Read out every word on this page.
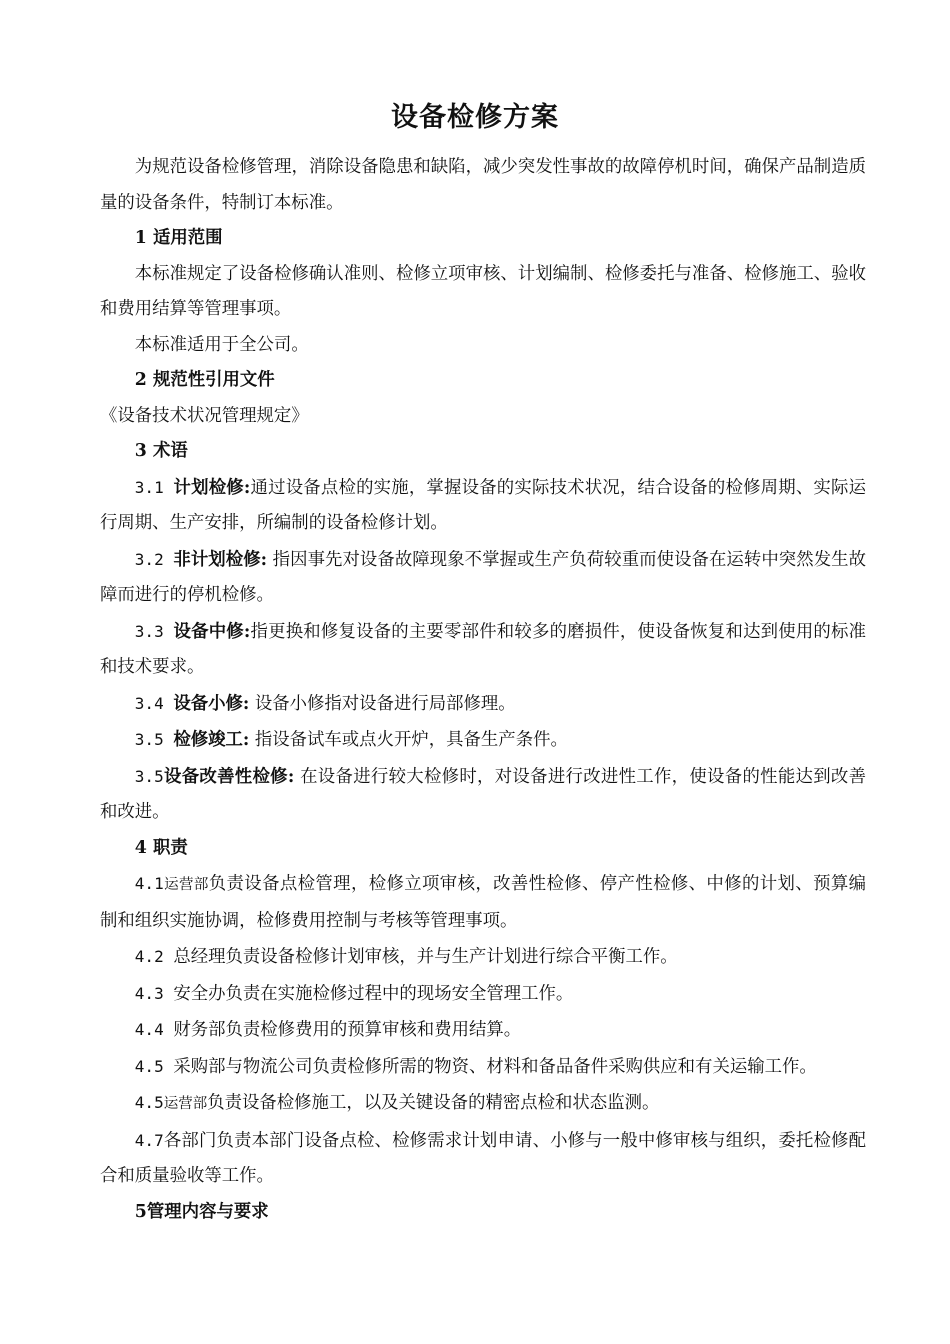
设备检修方案

为规范设备检修管理，消除设备隐患和缺陷，减少突发性事故的故障停机时间，确保产品制造质量的设备条件，特制订本标准。

1 适用范围

本标准规定了设备检修确认准则、检修立项审核、计划编制、检修委托与准备、检修施工、验收和费用结算等管理事项。

本标准适用于全公司。

2 规范性引用文件

《设备技术状况管理规定》

3 术语

3.1 计划检修:通过设备点检的实施，掌握设备的实际技术状况，结合设备的检修周期、实际运行周期、生产安排，所编制的设备检修计划。

3.2 非计划检修: 指因事先对设备故障现象不掌握或生产负荷较重而使设备在运转中突然发生故障而进行的停机检修。

3.3 设备中修:指更换和修复设备的主要零部件和较多的磨损件，使设备恢复和达到使用的标准和技术要求。

3.4 设备小修: 设备小修指对设备进行局部修理。

3.5 检修竣工: 指设备试车或点火开炉，具备生产条件。

3.5设备改善性检修: 在设备进行较大检修时，对设备进行改进性工作，使设备的性能达到改善和改进。

4 职责

4.1运营部负责设备点检管理，检修立项审核，改善性检修、停产性检修、中修的计划、预算编制和组织实施协调，检修费用控制与考核等管理事项。

4.2 总经理负责设备检修计划审核，并与生产计划进行综合平衡工作。

4.3 安全办负责在实施检修过程中的现场安全管理工作。

4.4 财务部负责检修费用的预算审核和费用结算。

4.5 采购部与物流公司负责检修所需的物资、材料和备品备件采购供应和有关运输工作。

4.5运营部负责设备检修施工，以及关键设备的精密点检和状态监测。

4.7各部门负责本部门设备点检、检修需求计划申请、小修与一般中修审核与组织，委托检修配合和质量验收等工作。

5管理内容与要求
